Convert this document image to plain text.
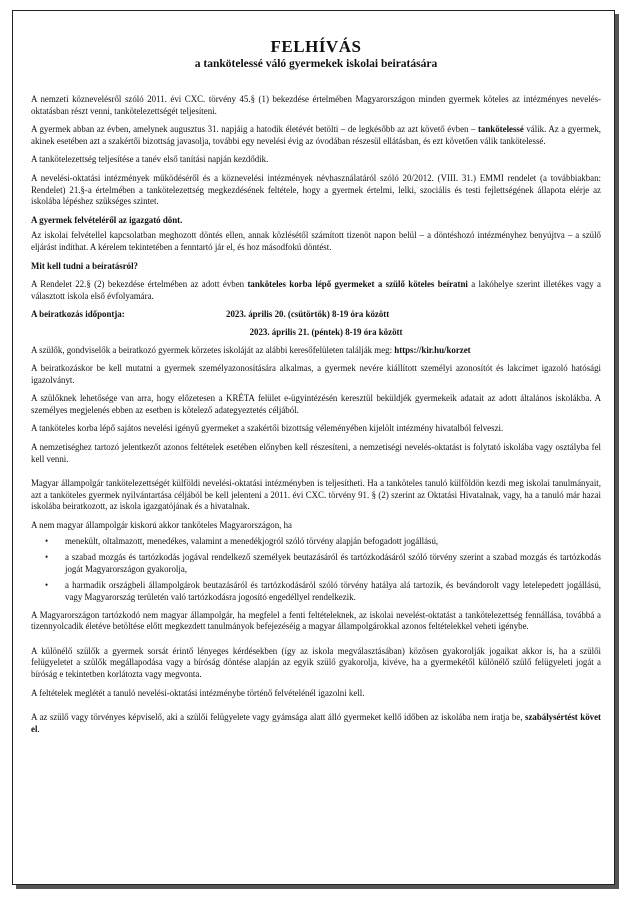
FELHÍVÁS
a tankötelessé váló gyermekek iskolai beiratására

A nemzeti köznevelésről szóló 2011. évi CXC. törvény 45.§ (1) bekezdése értelmében Magyarországon minden gyermek köteles az intézményes nevelés-oktatásban részt venni, tankötelezettségét teljesíteni.

A gyermek abban az évben, amelynek augusztus 31. napjáig a hatodik életévét betölti – de legkésőbb az azt követő évben – tankötelessé válik. Az a gyermek, akinek esetében azt a szakértői bizottság javasolja, további egy nevelési évig az óvodában részesül ellátásban, és ezt követően válik tankötelessé.

A tankötelezettség teljesítése a tanév első tanítási napján kezdődik.

A nevelési-oktatási intézmények működéséről és a köznevelési intézmények névhasználatáról szóló 20/2012. (VIII. 31.) EMMI rendelet (a továbbiakban: Rendelet) 21.§-a értelmében a tankötelezettség megkezdésének feltétele, hogy a gyermek értelmi, lelki, szociális és testi fejlettségének állapota elérje az iskolába lépéshez szükséges szintet.

A gyermek felvételéről az igazgató dönt.

Az iskolai felvétellel kapcsolatban meghozott döntés ellen, annak közlésétől számított tizenöt napon belül – a döntéshozó intézményhez benyújtva – a szülő eljárást indíthat. A kérelem tekintetében a fenntartó jár el, és hoz másodfokú döntést.

Mit kell tudni a beíratásról?

A Rendelet 22.§ (2) bekezdése értelmében az adott évben tanköteles korba lépő gyermeket a szülő köteles beíratni a lakóhelye szerint illetékes vagy a választott iskola első évfolyamára.

A beiratkozás időpontja:	2023. április 20. (csütörtök) 8-19 óra között
2023. április 21. (péntek) 8-19 óra között

A szülők, gondviselők a beiratkozó gyermek körzetes iskoláját az alábbi keresőfelületen találják meg: https://kir.hu/korzet

A beiratkozáskor be kell mutatni a gyermek személyazonosítására alkalmas, a gyermek nevére kiállított személyi azonosítót és lakcímet igazoló hatósági igazolványt.

A szülőknek lehetősége van arra, hogy előzetesen a KRÉTA felület e-ügyintézésén keresztül beküldjék gyermekeik adatait az adott általános iskolákba. A személyes megjelenés ebben az esetben is kötelező adategyeztetés céljából.

A tanköteles korba lépő sajátos nevelési igényű gyermeket a szakértői bizottság véleményében kijelölt intézmény hivatalból felveszi.

A nemzetiséghez tartozó jelentkezőt azonos feltételek esetében előnyben kell részesíteni, a nemzetiségi nevelés-oktatást is folytató iskolába vagy osztályba fel kell venni.

Magyar állampolgár tankötelezettségét külföldi nevelési-oktatási intézményben is teljesítheti. Ha a tanköteles tanuló külföldön kezdi meg iskolai tanulmányait, azt a tanköteles gyermek nyilvántartása céljából be kell jelenteni a 2011. évi CXC. törvény 91. § (2) szerint az Oktatási Hivatalnak, vagy, ha a tanuló már hazai iskolába beiratkozott, az iskola igazgatójának és a hivatalnak.

A nem magyar állampolgár kiskorú akkor tanköteles Magyarországon, ha

• menekült, oltalmazott, menedékes, valamint a menedékjogról szóló törvény alapján befogadott jogállású,
• a szabad mozgás és tartózkodás jogával rendelkező személyek beutazásáról és tartózkodásáról szóló törvény szerint a szabad mozgás és tartózkodás jogát Magyarországon gyakorolja,
• a harmadik országbeli állampolgárok beutazásáról és tartózkodásáról szóló törvény hatálya alá tartozik, és bevándorolt vagy letelepedett jogállású, vagy Magyarország területén való tartózkodásra jogosító engedéllyel rendelkezik.

A Magyarországon tartózkodó nem magyar állampolgár, ha megfelel a fenti feltételeknek, az iskolai nevelést-oktatást a tankötelezettség fennállása, továbbá a tizennyolcadik életéve betöltése előtt megkezdett tanulmányok befejezéséig a magyar állampolgárokkal azonos feltételekkel veheti igénybe.

A különélő szülők a gyermek sorsát érintő lényeges kérdésekben (így az iskola megválasztásában) közösen gyakorolják jogaikat akkor is, ha a szülői felügyeletet a szülők megállapodása vagy a bíróság döntése alapján az egyik szülő gyakorolja, kivéve, ha a gyermekétől különélő szülő felügyeleti jogát a bíróság e tekintetben korlátozta vagy megvonta.

A feltételek meglétét a tanuló nevelési-oktatási intézménybe történő felvételénél igazolni kell.

A az szülő vagy törvényes képviselő, aki a szülői felügyelete vagy gyámsága alatt álló gyermeket kellő időben az iskolába nem íratja be, szabálysértést követ el.
